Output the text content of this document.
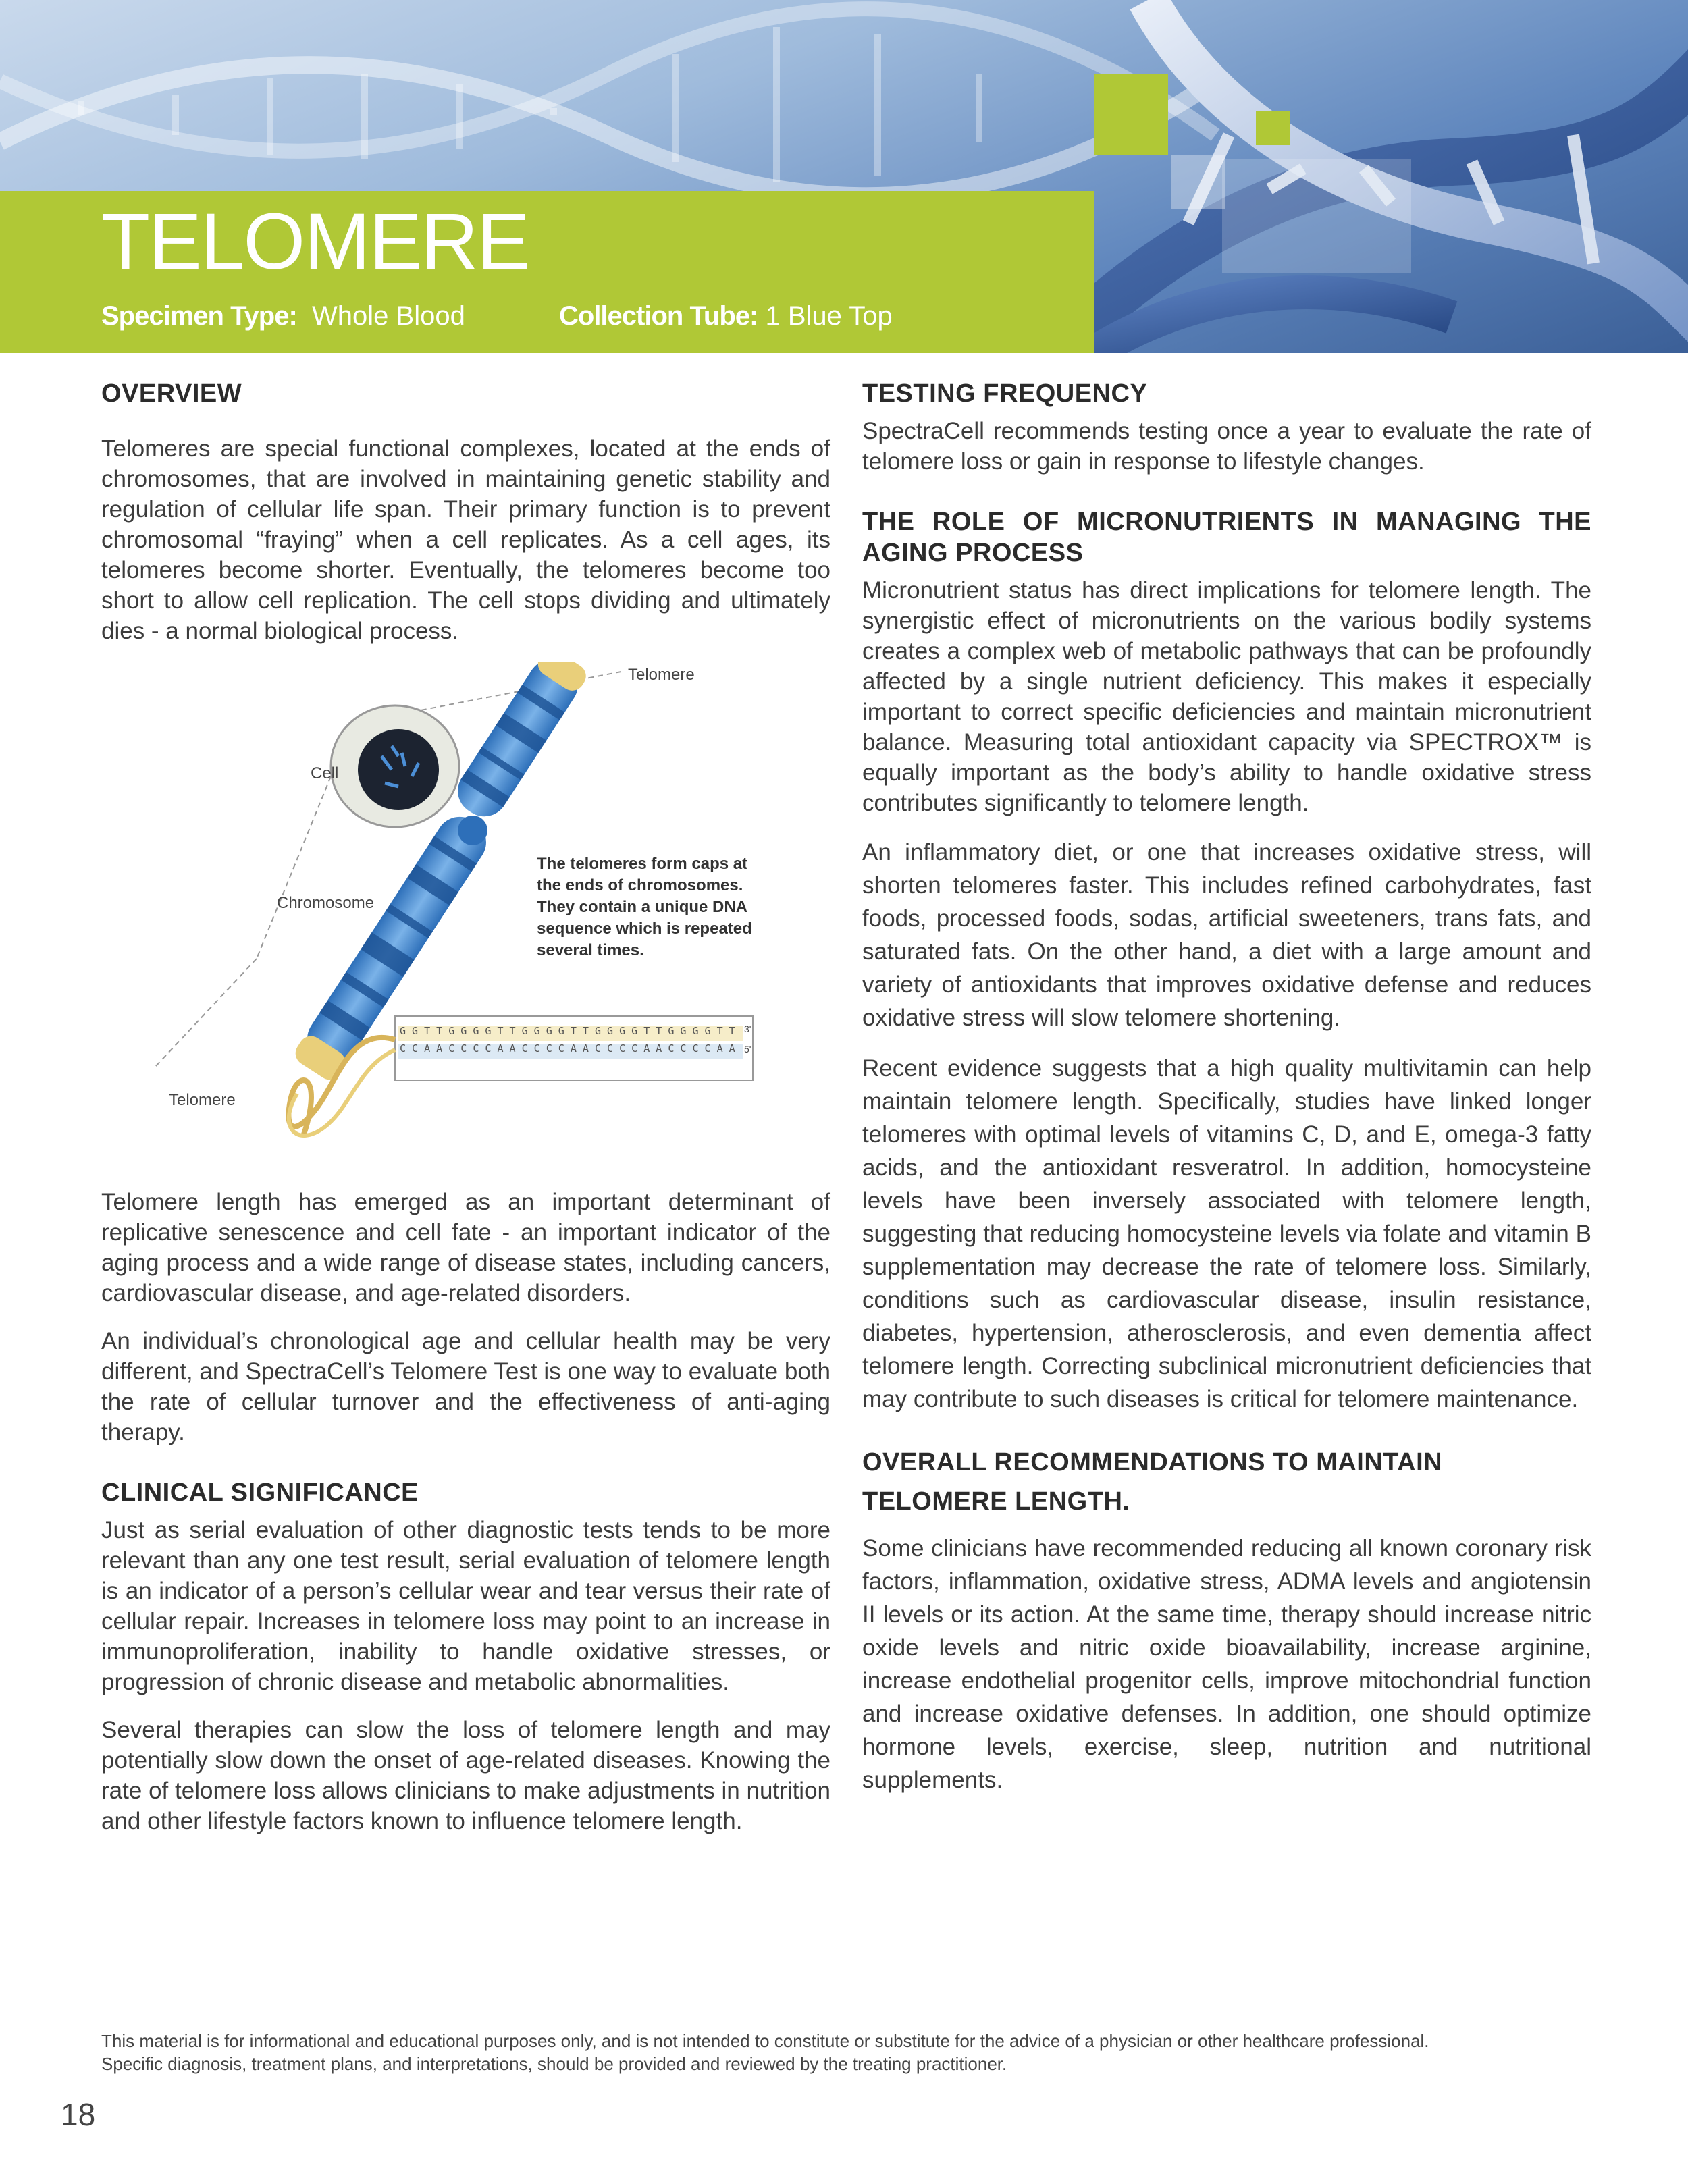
TELOMERE
Specimen Type: Whole Blood	Collection Tube: 1 Blue Top
OVERVIEW

Telomeres are special functional complexes, located at the ends of chromosomes, that are involved in maintaining genetic stability and regulation of cellular life span. Their primary function is to prevent chromosomal “fraying” when a cell replicates. As a cell ages, its telomeres become shorter. Eventually, the telomeres become too short to allow cell replication. The cell stops dividing and ultimately dies - a normal biological process.

Telomere
Cell
Chromosome
Telomere
The telomeres form caps at the ends of chromosomes. They contain a unique DNA sequence which is repeated several times.
G G T T G G G G T T G G G G T T G G G G T T G G G G T T
C C A A C C C C A A C C C C A A C C C C A A C C C C A A
3'
5'

Telomere length has emerged as an important determinant of replicative senescence and cell fate - an important indicator of the aging process and a wide range of disease states, including cancers, cardiovascular disease, and age-related disorders.

An individual’s chronological age and cellular health may be very different, and SpectraCell’s Telomere Test is one way to evaluate both the rate of cellular turnover and the effectiveness of anti-aging therapy.

CLINICAL SIGNIFICANCE

Just as serial evaluation of other diagnostic tests tends to be more relevant than any one test result, serial evaluation of telomere length is an indicator of a person’s cellular wear and tear versus their rate of cellular repair. Increases in telomere loss may point to an increase in immunoproliferation, inability to handle oxidative stresses, or progression of chronic disease and metabolic abnormalities.

Several therapies can slow the loss of telomere length and may potentially slow down the onset of age-related diseases. Knowing the rate of telomere loss allows clinicians to make adjustments in nutrition and other lifestyle factors known to influence telomere length.

TESTING FREQUENCY

SpectraCell recommends testing once a year to evaluate the rate of telomere loss or gain in response to lifestyle changes.

THE ROLE OF MICRONUTRIENTS IN MANAGING THE AGING PROCESS

Micronutrient status has direct implications for telomere length. The synergistic effect of micronutrients on the various bodily systems creates a complex web of metabolic pathways that can be profoundly affected by a single nutrient deficiency. This makes it especially important to correct specific deficiencies and maintain micronutrient balance. Measuring total antioxidant capacity via SPECTROX™ is equally important as the body’s ability to handle oxidative stress contributes significantly to telomere length.

An inflammatory diet, or one that increases oxidative stress, will shorten telomeres faster. This includes refined carbohydrates, fast foods, processed foods, sodas, artificial sweeteners, trans fats, and saturated fats. On the other hand, a diet with a large amount and variety of antioxidants that improves oxidative defense and reduces oxidative stress will slow telomere shortening.

Recent evidence suggests that a high quality multivitamin can help maintain telomere length. Specifically, studies have linked longer telomeres with optimal levels of vitamins C, D, and E, omega-3 fatty acids, and the antioxidant resveratrol. In addition, homocysteine levels have been inversely associated with telomere length, suggesting that reducing homocysteine levels via folate and vitamin B supplementation may decrease the rate of telomere loss. Similarly, conditions such as cardiovascular disease, insulin resistance, diabetes, hypertension, atherosclerosis, and even dementia affect telomere length. Correcting subclinical micronutrient deficiencies that may contribute to such diseases is critical for telomere maintenance.

OVERALL RECOMMENDATIONS TO MAINTAIN TELOMERE LENGTH.

Some clinicians have recommended reducing all known coronary risk factors, inflammation, oxidative stress, ADMA levels and angiotensin II levels or its action. At the same time, therapy should increase nitric oxide levels and nitric oxide bioavailability, increase arginine, increase endothelial progenitor cells, improve mitochondrial function and increase oxidative defenses. In addition, one should optimize hormone levels, exercise, sleep, nutrition and nutritional supplements.

This material is for informational and educational purposes only, and is not intended to constitute or substitute for the advice of a physician or other healthcare professional.
Specific diagnosis, treatment plans, and interpretations, should be provided and reviewed by the treating practitioner.
18
